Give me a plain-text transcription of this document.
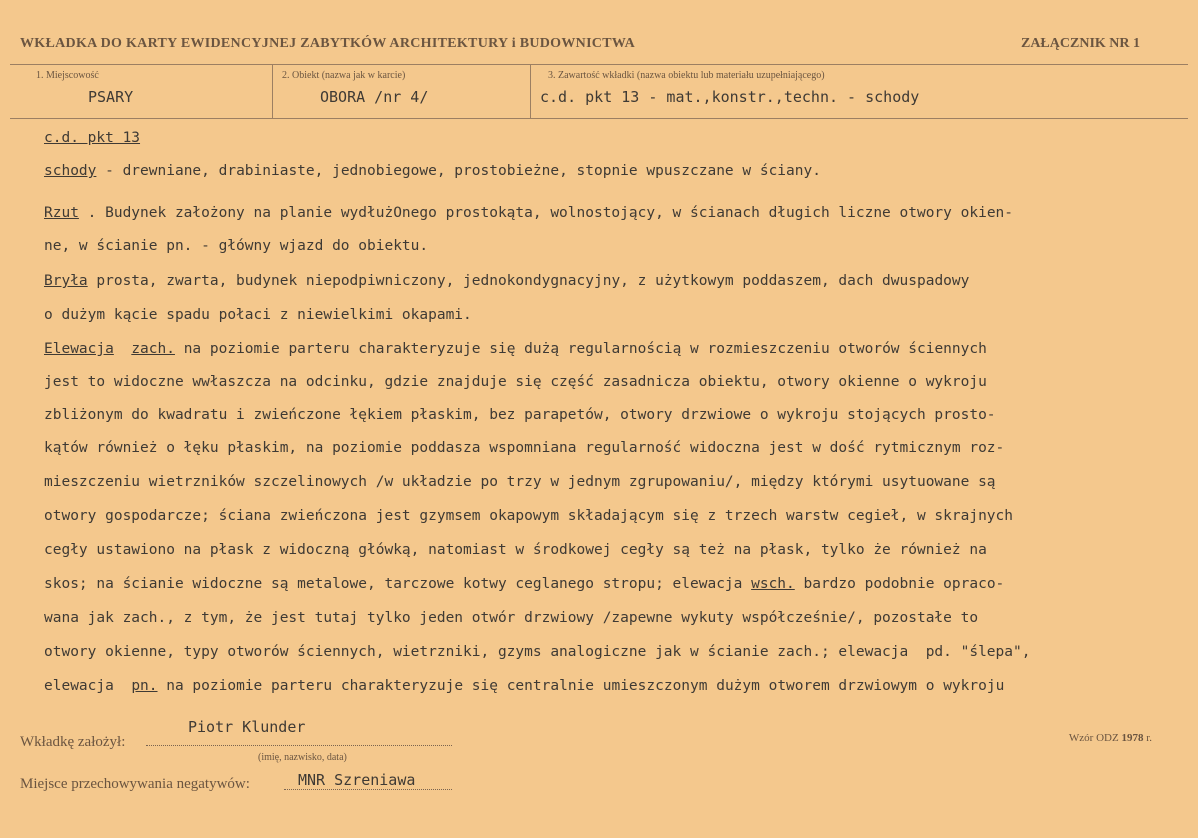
WKŁADKA DO KARTY EWIDENCYJNEJ ZABYTKÓW ARCHITEKTURY i BUDOWNICTWA	ZAŁĄCZNIK NR 1
1. Miejscowość
PSARY
2. Obiekt (nazwa jak w karcie)
OBORA /nr 4/
3. Zawartość wkładki (nazwa obiektu lub materiału uzupełniającego)
c.d. pkt 13 - mat.,konstr.,techn. - schody
c.d. pkt 13
schody - drewniane, drabiniaste, jednobiegowe, prostobieżne, stopnie wpuszczane w ściany.
Rzut . Budynek założony na planie wydłużOnego prostokąta, wolnostojący, w ścianach długich liczne otwory okien-
ne, w ścianie pn. - główny wjazd do obiektu.
Bryła prosta, zwarta, budynek niepodpiwniczony, jednokondygnacyjny, z użytkowym poddaszem, dach dwuspadowy
o dużym kącie spadu połaci z niewielkimi okapami.
Elewacja zach. na poziomie parteru charakteryzuje się dużą regularnością w rozmieszczeniu otworów ściennych
jest to widoczne wwłaszcza na odcinku, gdzie znajduje się część zasadnicza obiektu, otwory okienne o wykroju
zbliżonym do kwadratu i zwieńczone łękiem płaskim, bez parapetów, otwory drzwiowe o wykroju stojących prosto-
kątów również o łęku płaskim, na poziomie poddasza wspomniana regularność widoczna jest w dość rytmicznym roz-
mieszczeniu wietrzników szczelinowych /w układzie po trzy w jednym zgrupowaniu/, między którymi usytuowane są
otwory gospodarcze; ściana zwieńczona jest gzymsem okapowym składającym się z trzech warstw cegieł, w skrajnych
cegły ustawiono na płask z widoczną główką, natomiast w środkowej cegły są też na płask, tylko że również na
skos; na ścianie widoczne są metalowe, tarczowe kotwy ceglanego stropu; elewacja wsch. bardzo podobnie opraco-
wana jak zach., z tym, że jest tutaj tylko jeden otwór drzwiowy /zapewne wykuty współcześnie/, pozostałe to
otwory okienne, typy otworów ściennych, wietrzniki, gzyms analogiczne jak w ścianie zach.; elewacja  pd. "ślepa",
elewacja  pn. na poziomie parteru charakteryzuje się centralnie umieszczonym dużym otworem drzwiowym o wykroju
Wkładkę założył:
Piotr Klunder
(imię, nazwisko, data)
Miejsce przechowywania negatywów:	MNR Szreniawa
Wzór ODZ 1978 r.
